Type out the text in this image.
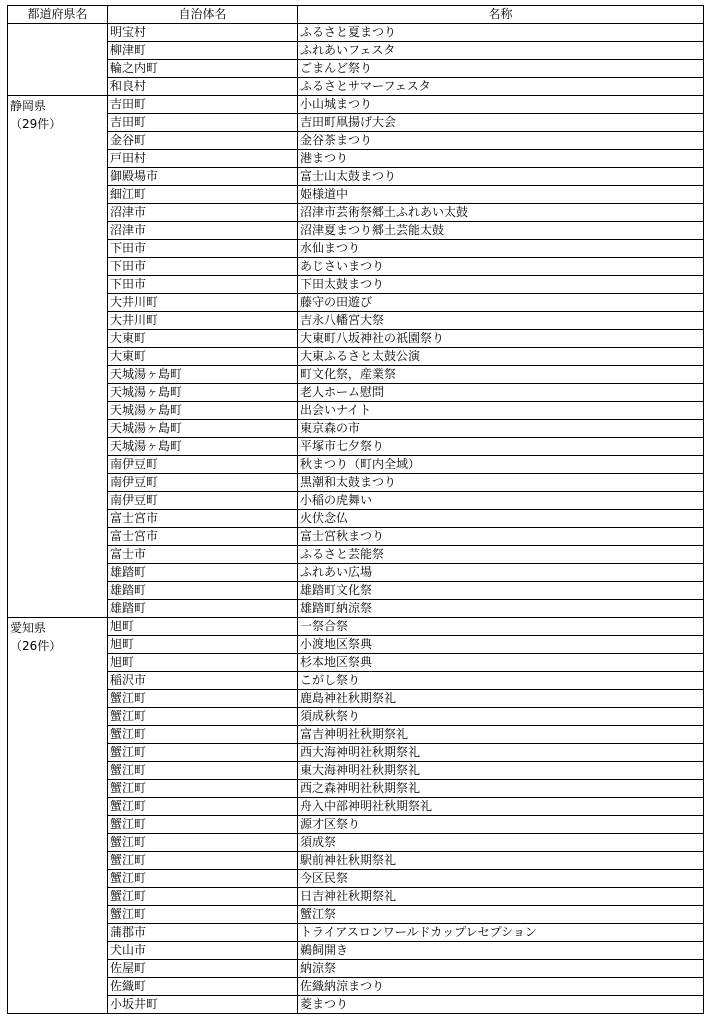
都道府県名	自治体名	名称

	明宝村	ふるさと夏まつり
	柳津町	ふれあいフェスタ
	輪之内町	ごまんど祭り
	和良村	ふるさとサマーフェスタ

静岡県
（29件）	吉田町	小山城まつり
	吉田町	吉田町凧揚げ大会
	金谷町	金谷茶まつり
	戸田村	港まつり
	御殿場市	富士山太鼓まつり
	細江町	姫様道中
	沼津市	沼津市芸術祭郷土ふれあい太鼓
	沼津市	沼津夏まつり郷土芸能太鼓
	下田市	水仙まつり
	下田市	あじさいまつり
	下田市	下田太鼓まつり
	大井川町	藤守の田遊び
	大井川町	吉永八幡宮大祭
	大東町	大東町八坂神社の祇園祭り
	大東町	大東ふるさと太鼓公演
	天城湯ヶ島町	町文化祭，産業祭
	天城湯ヶ島町	老人ホーム慰問
	天城湯ヶ島町	出会いナイト
	天城湯ヶ島町	東京森の市
	天城湯ヶ島町	平塚市七夕祭り
	南伊豆町	秋まつり（町内全域）
	南伊豆町	黒潮和太鼓まつり
	南伊豆町	小稲の虎舞い
	富士宮市	火伏念仏
	富士宮市	富士宮秋まつり
	富士市	ふるさと芸能祭
	雄踏町	ふれあい広場
	雄踏町	雄踏町文化祭
	雄踏町	雄踏町納涼祭

愛知県
（26件）	旭町	一祭合祭
	旭町	小渡地区祭典
	旭町	杉本地区祭典
	稲沢市	こがし祭り
	蟹江町	鹿島神社秋期祭礼
	蟹江町	須成秋祭り
	蟹江町	富吉神明社秋期祭礼
	蟹江町	西大海神明社秋期祭礼
	蟹江町	東大海神明社秋期祭礼
	蟹江町	西之森神明社秋期祭礼
	蟹江町	舟入中部神明社秋期祭礼
	蟹江町	源才区祭り
	蟹江町	須成祭
	蟹江町	駅前神社秋期祭礼
	蟹江町	今区民祭
	蟹江町	日吉神社秋期祭礼
	蟹江町	蟹江祭
	蒲郡市	トライアスロンワールドカップレセプション
	犬山市	鵜飼開き
	佐屋町	納涼祭
	佐織町	佐織納涼まつり
	小坂井町	菱まつり
